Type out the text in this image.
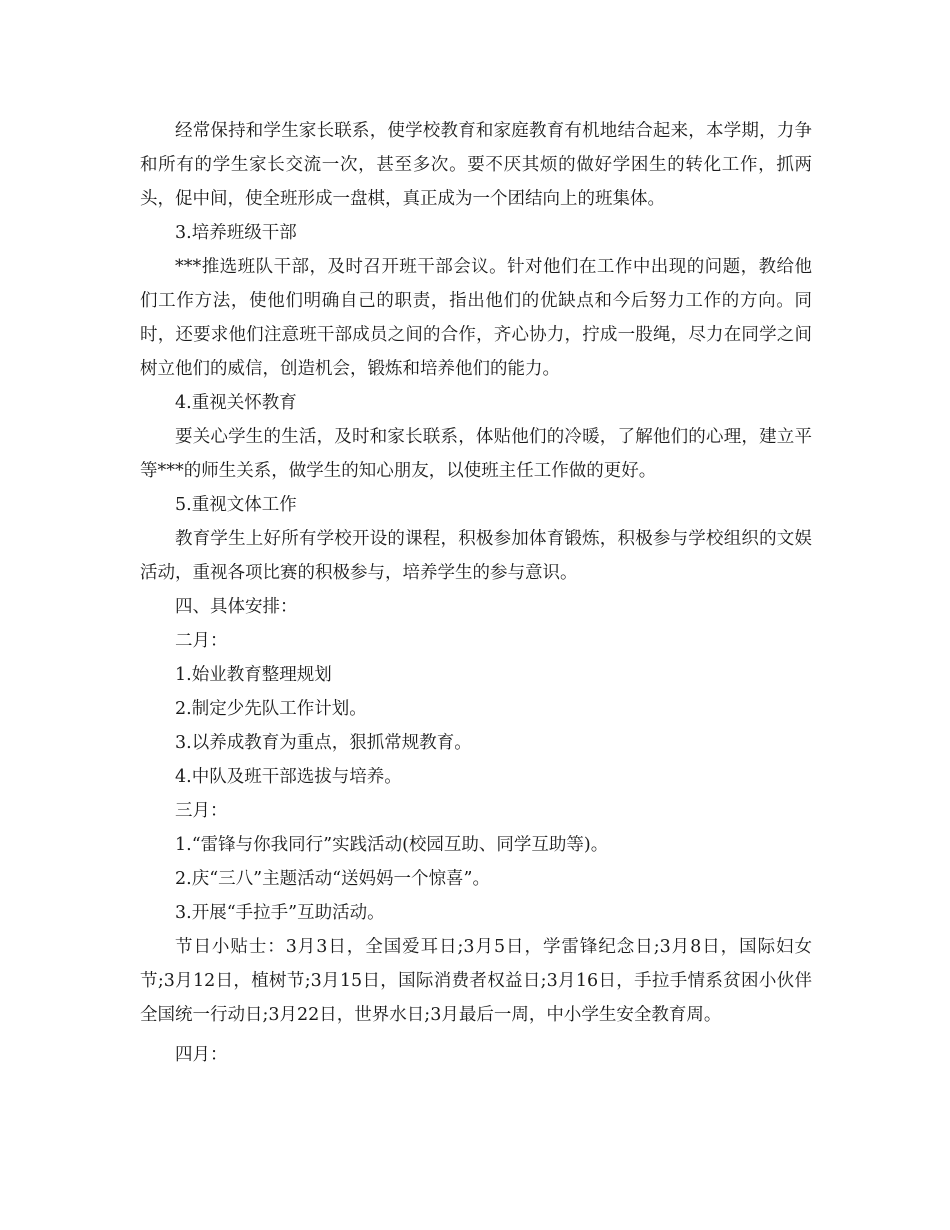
经常保持和学生家长联系，使学校教育和家庭教育有机地结合起来，本学期，力争和所有的学生家长交流一次，甚至多次。要不厌其烦的做好学困生的转化工作，抓两头，促中间，使全班形成一盘棋，真正成为一个团结向上的班集体。

3.培养班级干部

***推选班队干部，及时召开班干部会议。针对他们在工作中出现的问题，教给他们工作方法，使他们明确自己的职责，指出他们的优缺点和今后努力工作的方向。同时，还要求他们注意班干部成员之间的合作，齐心协力，拧成一股绳，尽力在同学之间树立他们的威信，创造机会，锻炼和培养他们的能力。

4.重视关怀教育

要关心学生的生活，及时和家长联系，体贴他们的冷暖，了解他们的心理，建立平等***的师生关系，做学生的知心朋友，以使班主任工作做的更好。

5.重视文体工作

教育学生上好所有学校开设的课程，积极参加体育锻炼，积极参与学校组织的文娱活动，重视各项比赛的积极参与，培养学生的参与意识。

四、具体安排：

二月：

1.始业教育整理规划

2.制定少先队工作计划。

3.以养成教育为重点，狠抓常规教育。

4.中队及班干部选拔与培养。

三月：

1.“雷锋与你我同行”实践活动(校园互助、同学互助等)。

2.庆“三八”主题活动“送妈妈一个惊喜”。

3.开展“手拉手”互助活动。

节日小贴士：3月3日，全国爱耳日;3月5日，学雷锋纪念日;3月8日，国际妇女节;3月12日，植树节;3月15日，国际消费者权益日;3月16日，手拉手情系贫困小伙伴全国统一行动日;3月22日，世界水日;3月最后一周，中小学生安全教育周。

四月：
